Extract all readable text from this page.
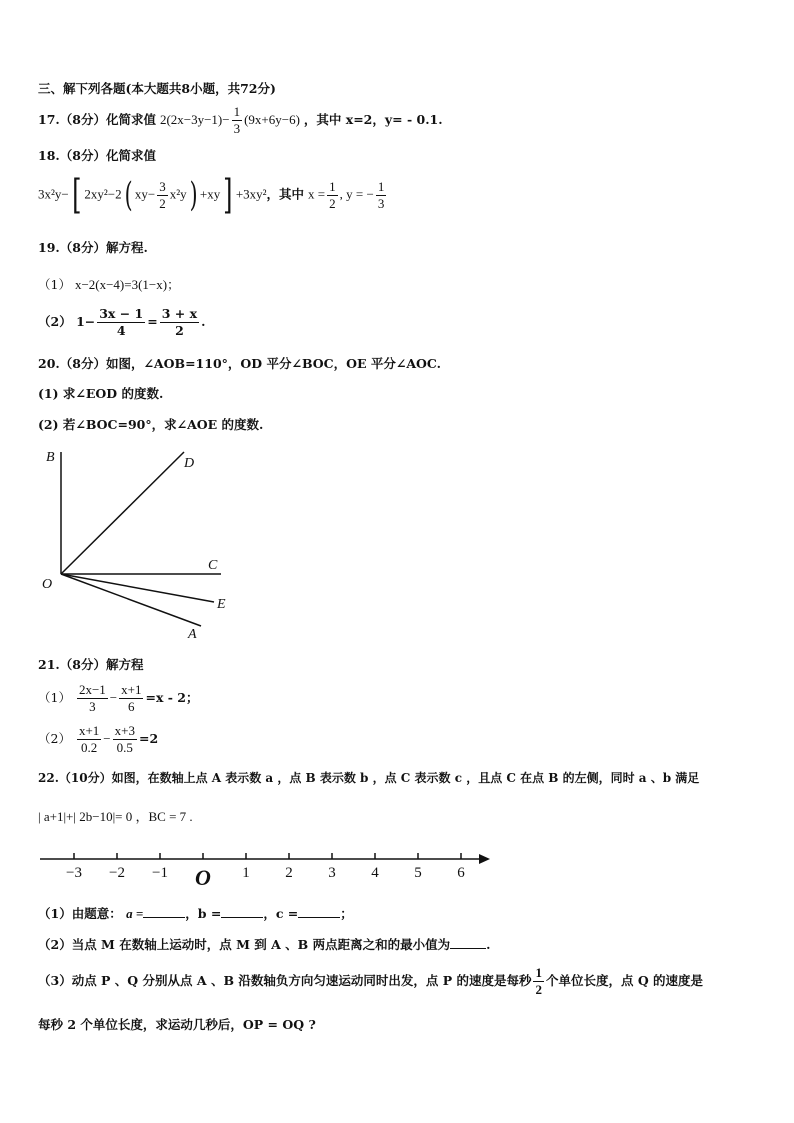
三、解下列各题(本大题共8小题，共72分)
17.（8分）化简求值 $2(2x-3y-1)- \frac{1}{3} (9x+6y-6)$ ，其中 x=2，y= - 0.1.
18.（8分）化简求值
3x²y−[ 2xy²−2( $xy- \frac{3}{2} x^2y) +xy] +3xy^2$，其中 $x = \frac{1}{2}$ , y = − $\frac{1}{3}$
19.（8分）解方程.
（1） x−2(x−4)=3(1−x)；
（2） $1- \frac{3x - 1}{4} = \frac{3 + x}{2}$ .
20.（8分）如图，∠AOB=110°，OD 平分∠BOC，OE 平分∠AOC.
(1) 求∠EOD 的度数.
(2) 若∠BOC=90°，求∠AOE 的度数.
B	D
C
O
E
A
21.（8分）解方程
$(1) \frac{2x-1}{3} - \frac{x+1}{6} =x - 2$；
$(2) \frac{x+1}{0.2} - \frac{x+3}{0.5} =2$
22.（10分）如图，在数轴上点 A 表示数 a ，点 B 表示数 b ，点 C 表示数 c ，且点 C 在点 B 的左侧，同时 a 、b 满足
| a+1|+| 2b−10|= 0 ，BC = 7 .
−3 −2 −1 O 1 2 3 4 5 6
（1）由题意： a =	，b =	，c =	；
（2）当点 M 在数轴上运动时，点 M 到 A 、B 两点距离之和的最小值为	.
（3）动点 P 、Q 分别从点 A 、B 沿数轴负方向匀速运动同时出发，点 P 的速度是每秒 $\frac{1}{2}$ 个单位长度，点 Q 的速度是
每秒 2 个单位长度，求运动几秒后，OP = OQ ?
